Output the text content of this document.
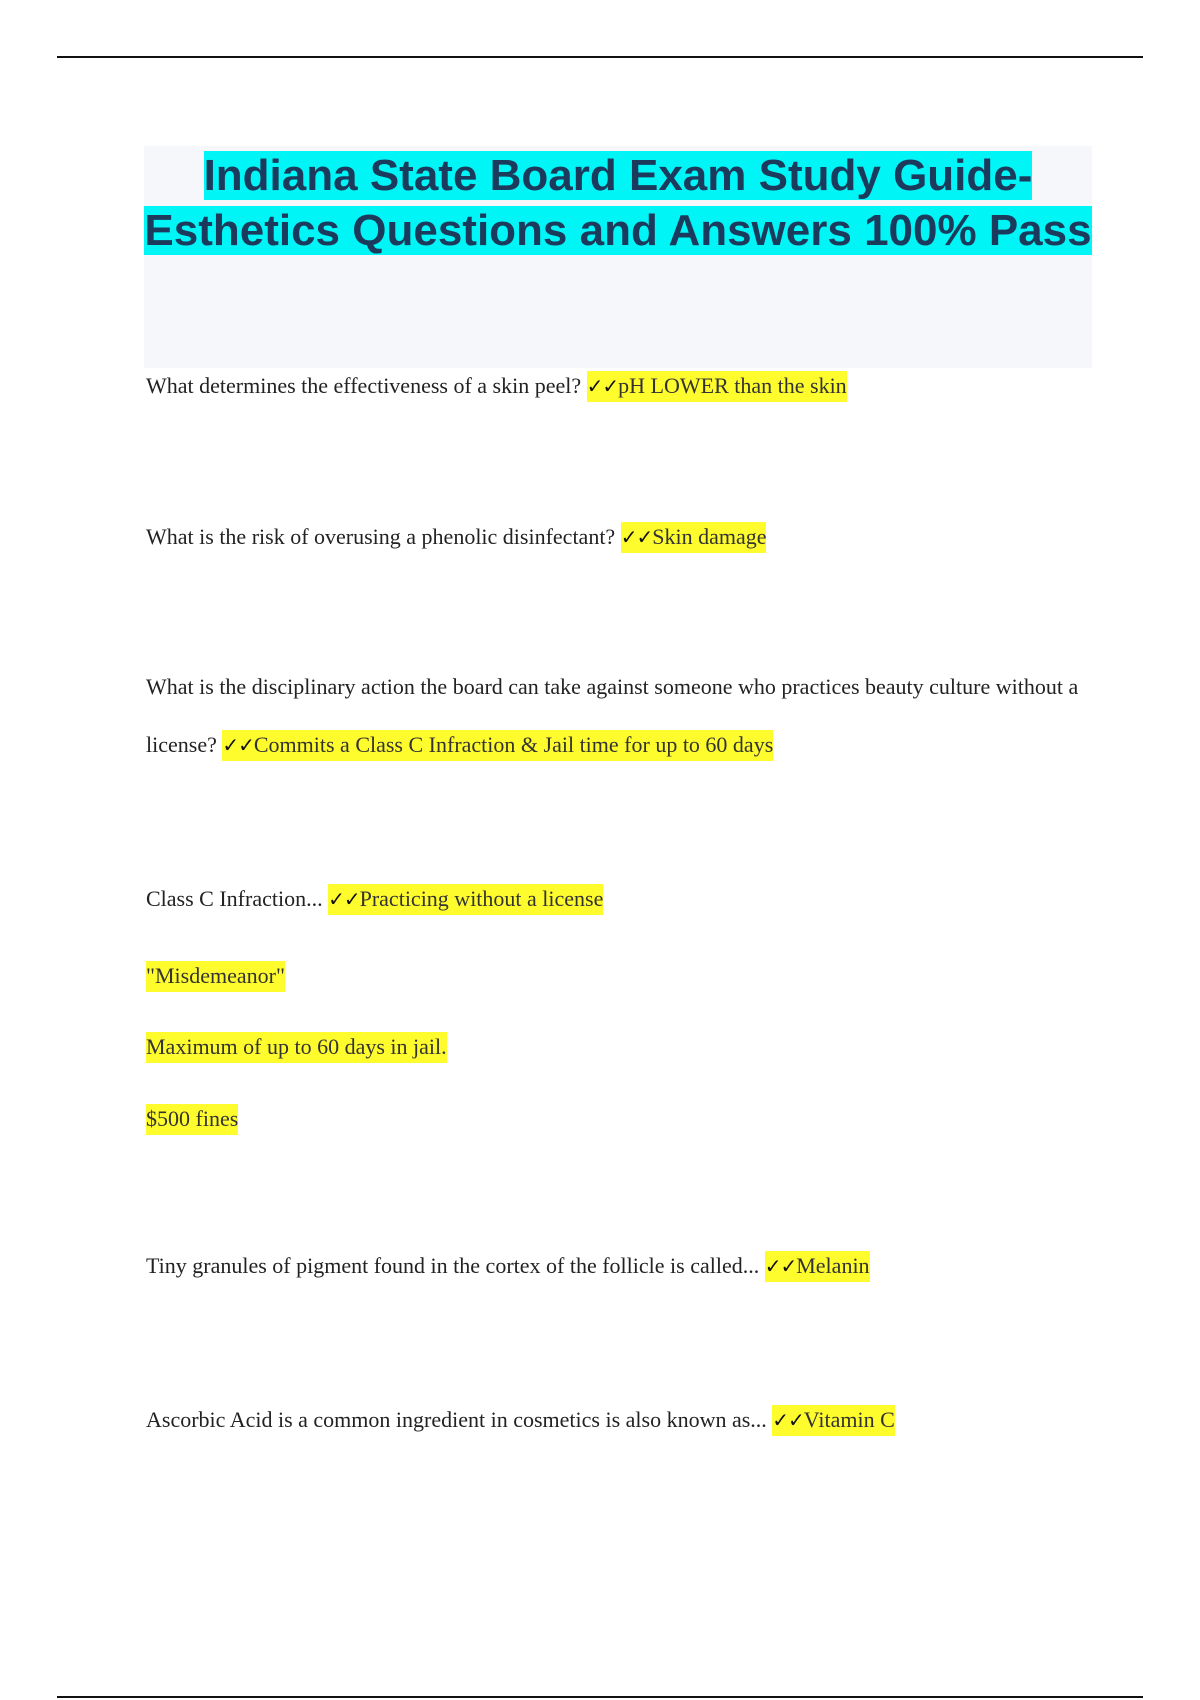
Indiana State Board Exam Study Guide- Esthetics Questions and Answers 100% Pass

What determines the effectiveness of a skin peel? ✓✓pH LOWER than the skin

What is the risk of overusing a phenolic disinfectant? ✓✓Skin damage

What is the disciplinary action the board can take against someone who practices beauty culture without a license? ✓✓Commits a Class C Infraction & Jail time for up to 60 days

Class C Infraction... ✓✓Practicing without a license

"Misdemeanor"

Maximum of up to 60 days in jail.

$500 fines

Tiny granules of pigment found in the cortex of the follicle is called... ✓✓Melanin

Ascorbic Acid is a common ingredient in cosmetics is also known as... ✓✓Vitamin C
